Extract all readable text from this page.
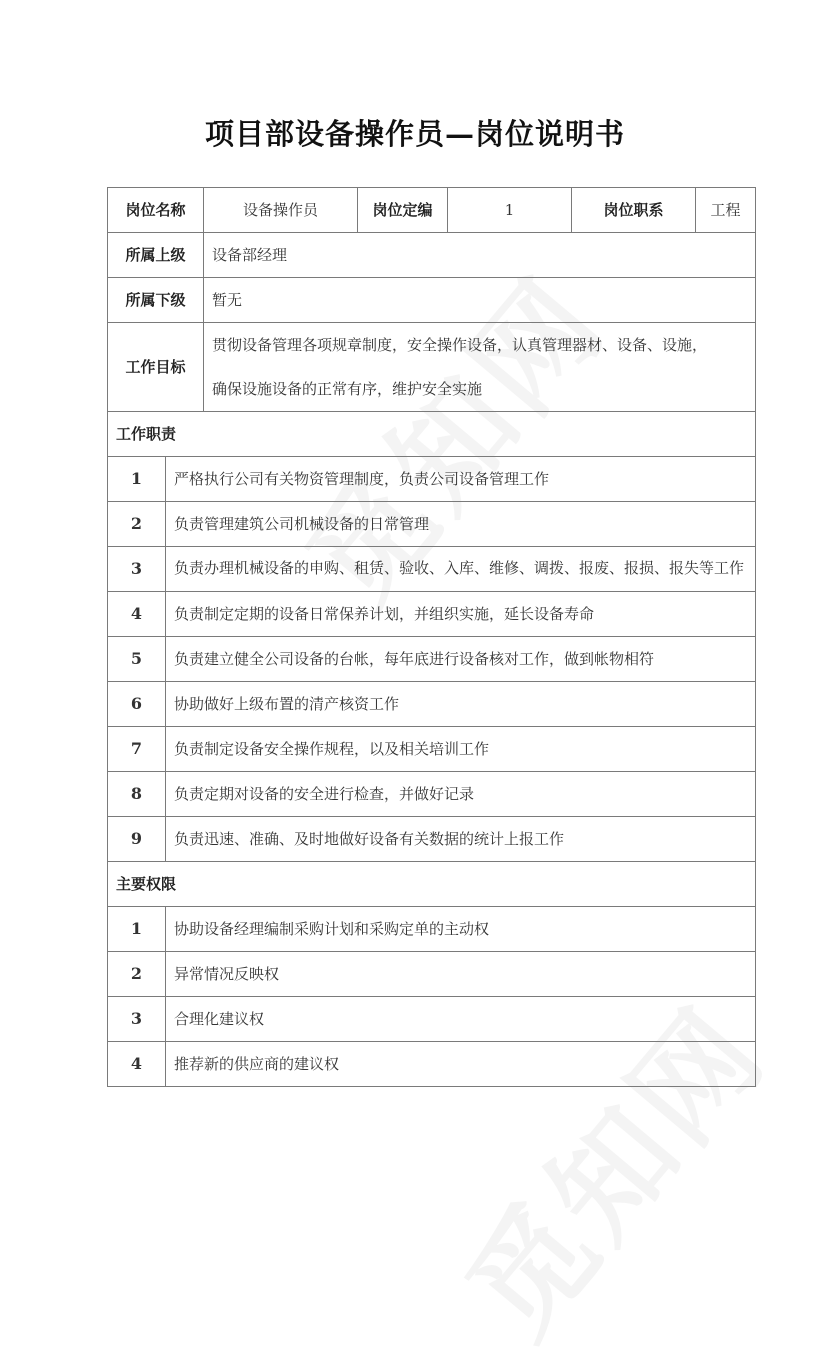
项目部设备操作员—岗位说明书
岗位名称		设备操作员	岗位定编	1	岗位职系	工程
所属上级		设备部经理				
所属下级		暂无				
工作目标		贯彻设备管理各项规章制度，安全操作设备，认真管理器材、设备、设施，
确保设施设备的正常有序，维护安全实施				

工作职责						
1	严格执行公司有关物资管理制度，负责公司设备管理工作					
2	负责管理建筑公司机械设备的日常管理					
3	负责办理机械设备的申购、租赁、验收、入库、维修、调拨、报废、报损、报失等工作					
4	负责制定定期的设备日常保养计划，并组织实施，延长设备寿命					
5	负责建立健全公司设备的台帐，每年底进行设备核对工作，做到帐物相符					
6	协助做好上级布置的清产核资工作					
7	负责制定设备安全操作规程，以及相关培训工作					
8	负责定期对设备的安全进行检查，并做好记录					
9	负责迅速、准确、及时地做好设备有关数据的统计上报工作					
主要权限						
1	协助设备经理编制采购计划和采购定单的主动权					
2	异常情况反映权					
3	合理化建议权					
4	推荐新的供应商的建议权					
